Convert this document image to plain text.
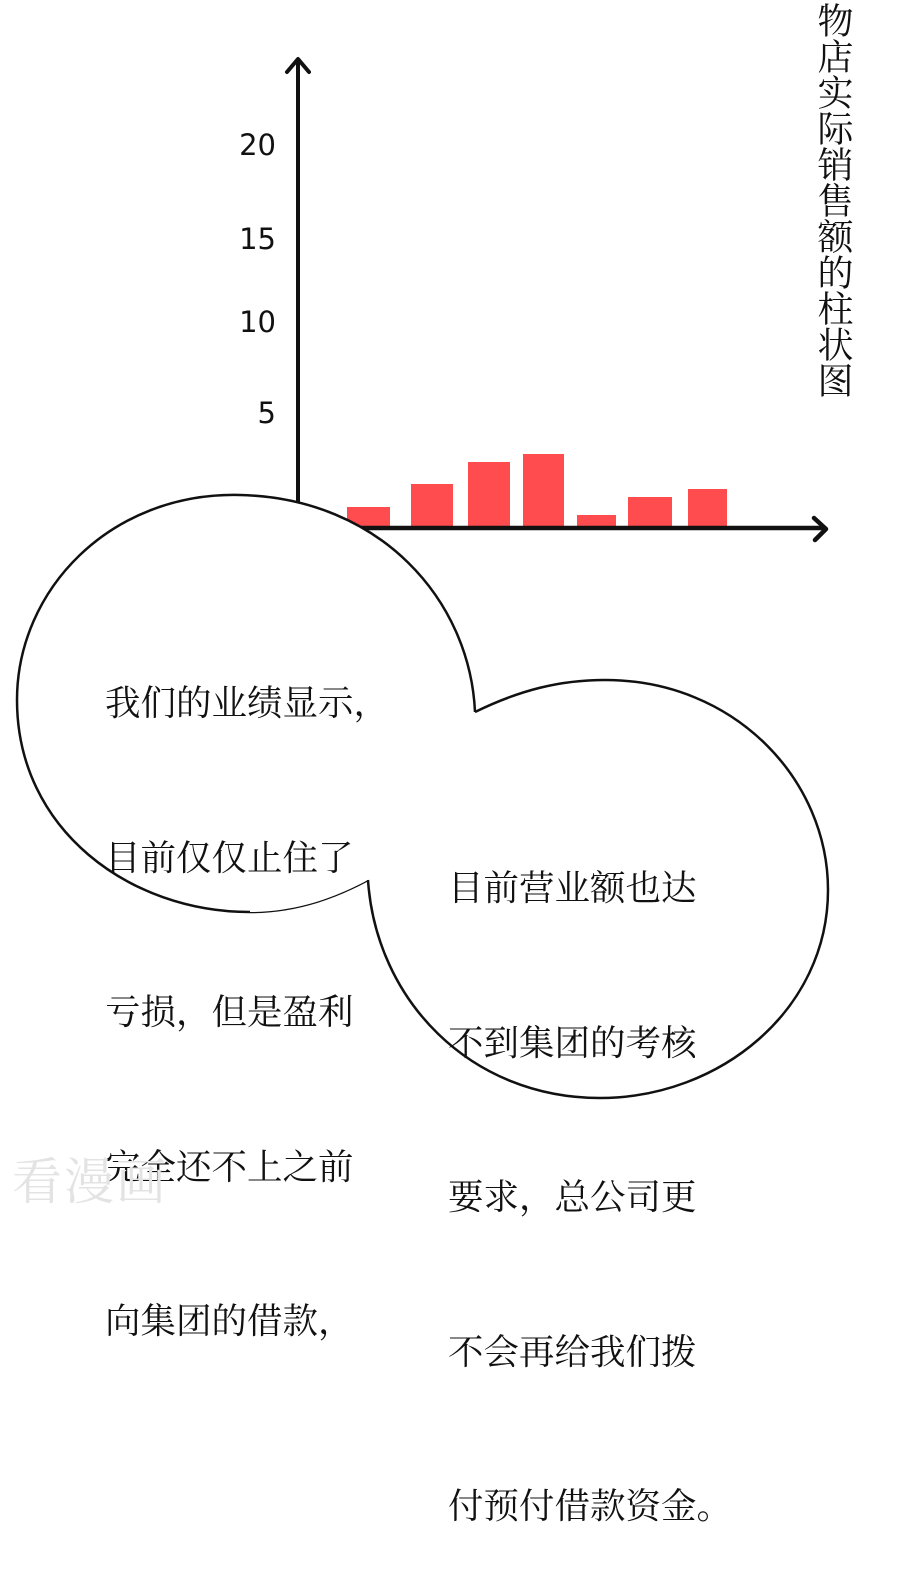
20
15
10
5
物店实际销售额的柱状图

我们的业绩显示，

目前仅仅止住了

亏损，但是盈利

完全还不上之前

向集团的借款，

目前营业额也达

不到集团的考核

要求，总公司更

不会再给我们拨

付预付借款资金。

看漫画
